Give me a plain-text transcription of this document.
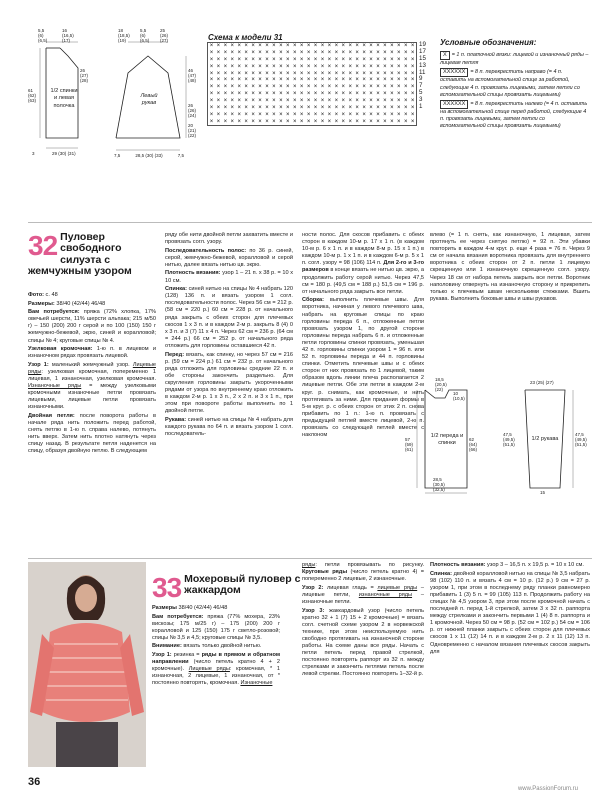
1/2 спинки и левая полочка
Левый рукав
5,5
(6)
(6,5)
16
(16,5)
(17)
61
(62)
(63)
26
(27)
(28)
29 (30) (31)
3
18
(18,5)
(19)
5,5
(6)
(6,5)
25
(26)
(27)
46
(47)
(48)
26
(26)
(24)
20
(21)
(22)
7,5	28,5 (30) (33)	7,5
Схема к модели 31
× × × × × × × × × × × × × × × × × × × × × × × × × × × × × ×
× × × × × × × × × × × × × × × × × × × × × × × × × × × × × ×
× × × × × × × × × × × × × × × × × × × × × × × × × × × × × ×
× × × × × × × × × × × × × × × × × × × × × × × × × × × × × ×
× × × × × × × × × × × × × × × × × × × × × × × × × × × × × ×
× × × × × × × × × × × × × × × × × × × × × × × × × × × × × ×
× × × × × × × × × × × × × × × × × × × × × × × × × × × × × ×
× × × × × × × × × × × × × × × × × × × × × × × × × × × × × ×
× × × × × × × × × × × × × × × × × × × × × × × × × × × × × ×
× × × × × × × × × × × × × × × × × × × × × × × × × × × × × ×
× × × × × × × × × × × × × × × × × × × × × × × × × × × × × ×
× × × × × × × × × × × × × × × × × × × × × × × × × × × × × ×
19
17
15
13
11
9
7
5
3
1
Условные обозначения:

X = 1 п. платочной вязки: лицевой и изнаночный ряды – лицевая петля

XXXXXX = 8 п. перекрестить направо (= 4 п. оставить на вспомогательной спице за работой, следующие 4 п. провязать лицевыми, затем петли со вспомогательной спицы провязать лицевыми)

XXXXXX = 8 п. перекрестить налево (= 4 п. оставить на вспомогательной спице перед работой, следующие 4 п. провязать лицевыми, затем петли со вспомогательной спицы провязать лицевыми)

32 Пуловер свободного силуэта с жемчужным узором

Фото: с. 48

Размеры: 38/40 (42/44) 46/48

Вам потребуется: пряжа (72% хлопка, 17% овечьей шерсти, 11% шерсти альпака; 215 м/50 г) – 150 (200) 200 г серой и по 100 (150) 150 г жемчужно-бежевой, экрю, синей и коралловой; спицы № 4; круговые спицы № 4.

Узелковая кромочная: 1-ю п. в лицевом и изнаночном рядах провязать лицевой.

Узор 1: маленький жемчужный узор. Лицевые ряды: узелковая кромочная, попеременно 1 лицевая, 1 изнаночная, узелковая кромочная. Изнаночные ряды = между узелковыми кромочными изнаночные петли провязать лицевыми, лицевые петли провязать изнаночными.

Двойная петля: после поворота работы в начале ряда нить положить перед работой, снять петлю в 1-ю п. справа налево, потянуть нить вверх. Затем нить плотно натянуть через спицу назад. В результате петля наденется на спицу, образуя двойную петлю. В следующем

ряду обе нити двойной петли захватить вместе и провязать согл. узору.

Последовательность полос: по 36 р. синей, серой, жемчужно-бежевой, коралловой и серой нитью, далее вязать нитью цв. экрю.

Плотность вязания: узор 1 – 21 п. х 38 р. = 10 х 10 см.

Спинка: синей нитью на спицы № 4 набрать 120 (128) 136 п. и вязать узором 1 согл. последовательности полос. Через 56 см = 212 р. (58 см = 220 р.) 60 см = 228 р. от начального ряда закрыть с обеих сторон для плечевых скосов 1 х 3 п. и в каждом 2-м р. закрыть 8 (4) 0 х 3 п. и 3 (7) 11 х 4 п. Через 62 см = 236 р. (64 см = 244 р.) 66 см = 252 р. от начального ряда отложить для горловины оставшиеся 42 п.

Перед: вязать, как спинку, но через 57 см = 216 р. (59 см = 224 р.) 61 см = 232 р. от начального ряда отложить для горловины средние 22 п. и обе стороны закончить раздельно. Для скругления горловины закрыть укороченными рядами от узора по внутреннему краю отложить в каждом 2-м р. 1 х 3 п., 2 х 2 п. и 3 х 1 п., при этом при повороте работы выполнить по 1 двойной петле.

Рукава: синей нитью на спицы № 4 набрать для каждого рукава по 64 п. и вязать узором 1 согл. последователь-

ности полос. Для скосов прибавить с обеих сторон в каждом 10-м р. 17 х 1 п. (в каждом 10-м р. 6 х 1 п. и в каждом 8-м р. 15 х 1 п.) в каждом 10-м р. 1 х 1 п. и в каждом 6-м р. 5 х 1 п. согл. узору = 98 (106) 114 п. Для 2-го и 3-го размеров в конце вязать не нитью цв. экрю, а продолжить работу серой нитью. Через 47,5 см = 180 р. (49,5 см = 188 р.) 51,5 см = 196 р. от начального ряда закрыть все петли.

Сборка: выполнить плечевые швы. Для воротника, начиная у левого плечевого шва, набрать на круговые спицы по краю горловины переда 6 п., отложенные петли провязать узором 1, по другой стороне горловины переда набрать 6 п. и отложенные петли горловины спинки провязать, уменьшая 42 п. горловины спинки узором 1 = 96 п. или 52 п. горловины переда и 44 п. горловины спинки. Отметить плечевые швы и с обеих сторон от них провязать по 1 лицевой, таким образом вдоль линии плеча располагается 2 лицевые петли. Обе эти петли в каждом 2-м круг. р. снимать, как кромочные, и нить протягивать за ними. Для придания формы в 5-м круг. р. с обеих сторон от этих 2 п. снова прибавить по 1 п.: 1-ю п. провязать с предыдущей петлей вместе лицевой, 2-ю п. провязать со следующей петлей вместе с наклоном

влево (= 1 п. снять, как изнаночную, 1 лицевая, затем протянуть ее через снятую петлю) = 92 п. Эти убавки повторить в каждом 4-м круг. р. еще 4 раза = 76 п. Через 9 см от начала вязания воротника провязать для внутреннего воротника с обеих сторон от 2 п. петли 1 лицевую скрещенную или 1 изнаночную скрещенную согл. узору. Через 18 см от набора петель закрыть все петли. Воротник наполовину отвернуть на изнаночную сторону и прикрепить только к плечевым швам несколькими стежками. Вшить рукава. Выполнить боковые швы и швы рукавов.

1/2 переда и спинки
1/2 рукава
18,5
(20,5)
(22)
10
(10,5)
57
(59)
(61)
62
(64)
(66)
28,5
(30,5)
(32,5)
23 (25) (27)
47,5
(49,5)
(51,5)
47,5
(49,5)
(51,5)
15
33 Мохеровый пуловер с жаккардом

Размеры 38/40 (42/44) 46/48

Вам потребуется: пряжа (77% мохера, 23% вискозы; 175 м/25 г) – 175 (200) 200 г коралловой и 125 (150) 175 г светло-розовой; спицы № 3,5 и 4,5; круговые спицы № 3,5.

Внимание: вязать только двойной нитью.

Узор 1: резинка = ряды в прямом и обратном направлении (число петель кратно 4 + 2 кромочные). Лицевые ряды: кромочная, * 1 изнаночная, 2 лицевые, 1 изнаночная, от * постоянно повторять, кромочная. Изнаночные

ряды: петли провязывать по рисунку. Круговые ряды (число петель кратно 4) = попеременно 2 лицевые, 2 изнаночные.

Узор 2: лицевая гладь = лицевые ряды – лицевые петли, изнаночные ряды – изнаночные петли.

Узор 3: жаккардовый узор (число петель кратно 32 + 1 (7) 15 + 2 кромочные) = вязать согл. счетной схеме узором 2 в норвежской технике, при этом неиспользуемую нить свободно протягивать на изнаночной стороне работы. На схеме даны все ряды. Начать с петли петель перед правой стрелкой, постоянно повторять раппорт из 32 п. между стрелками и закончить петлями петель после левой стрелки. Постоянно повторять 1–32-й р.

Плотность вязания: узор 3 – 16,5 п. х 19,5 р. = 10 х 10 см.

Спинка: двойной коралловой нитью на спицы № 3,5 набрать 98 (102) 110 п. и вязать 4 см = 10 р. (12 р.) 9 см = 27 р. узором 1, при этом в последнему ряду планки равномерно прибавить 1 (3) 5 п. = 99 (105) 113 п. Продолжить работу на спицах № 4,5 узором 3, при этом после кромочной начать с последней п. перед 1-й стрелкой, затем 3 х 32 п. раппорта между стрелками и закончить первыми 1 (4) 8 п. раппорта и 1 кромочной. Через 50 см = 98 р. (52 см = 102 р.) 54 см = 106 р. от нижней планки закрыть с обеих сторон для плечевых скосов 1 х 11 (12) 14 п. и в каждом 2-м р. 2 х 11 (12) 13 п. Одновременно с началом вязания плечевых скосов закрыть для

36
www.PassionForum.ru
